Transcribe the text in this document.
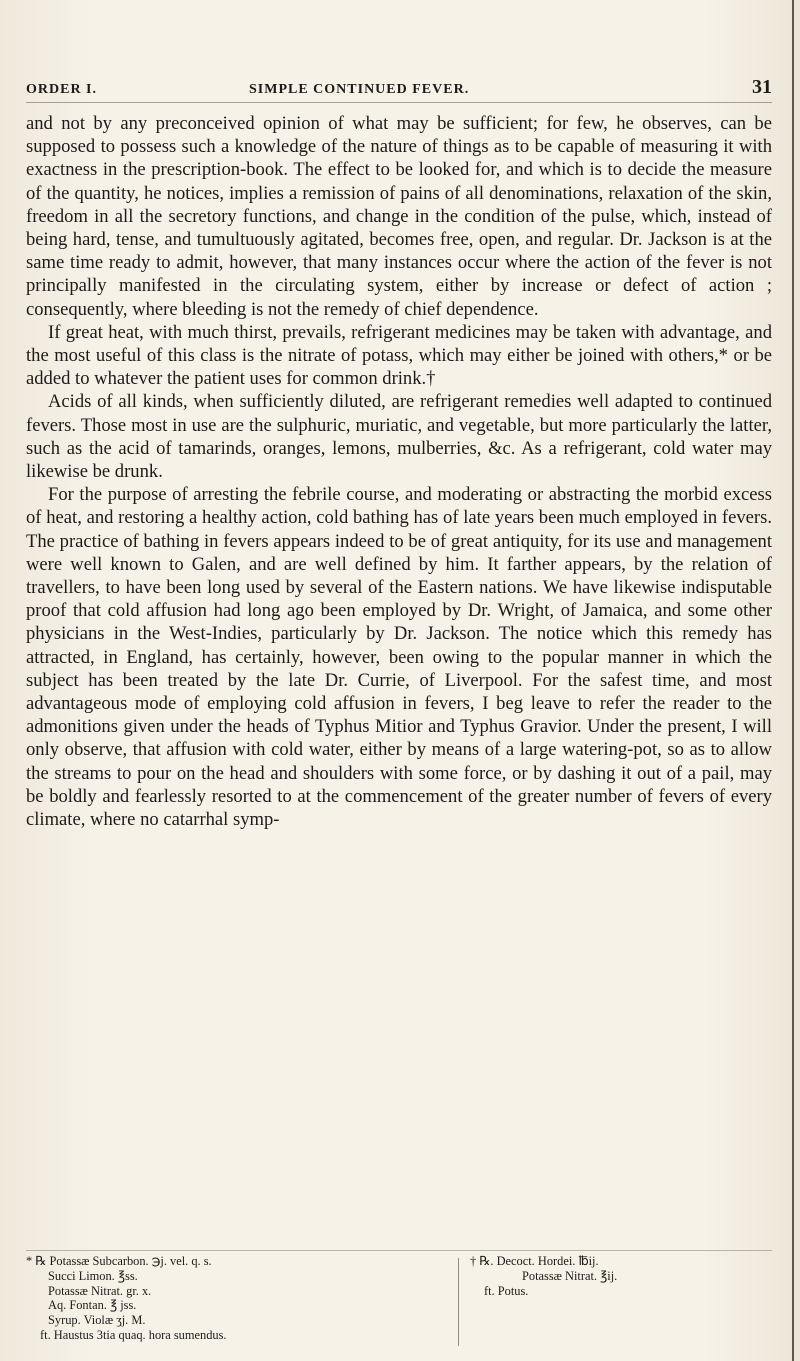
ORDER I.	SIMPLE CONTINUED FEVER.	31

and not by any preconceived opinion of what may be sufficient; for few, he observes, can be supposed to possess such a knowledge of the nature of things as to be capable of measuring it with exactness in the prescription-book. The effect to be looked for, and which is to decide the measure of the quantity, he notices, implies a remission of pains of all denominations, relaxation of the skin, freedom in all the secretory functions, and change in the condition of the pulse, which, instead of being hard, tense, and tumultuously agitated, becomes free, open, and regular. Dr. Jackson is at the same time ready to admit, however, that many instances occur where the action of the fever is not principally manifested in the circulating system, either by increase or defect of action ; consequently, where bleeding is not the remedy of chief dependence.

If great heat, with much thirst, prevails, refrigerant medicines may be taken with advantage, and the most useful of this class is the nitrate of potass, which may either be joined with others,* or be added to whatever the patient uses for common drink.†

Acids of all kinds, when sufficiently diluted, are refrigerant remedies well adapted to continued fevers. Those most in use are the sulphuric, muriatic, and vegetable, but more particularly the latter, such as the acid of tamarinds, oranges, lemons, mulberries, &c. As a refrigerant, cold water may likewise be drunk.

For the purpose of arresting the febrile course, and moderating or abstracting the morbid excess of heat, and restoring a healthy action, cold bathing has of late years been much employed in fevers. The practice of bathing in fevers appears indeed to be of great antiquity, for its use and management were well known to Galen, and are well defined by him. It farther appears, by the relation of travellers, to have been long used by several of the Eastern nations. We have likewise indisputable proof that cold affusion had long ago been employed by Dr. Wright, of Jamaica, and some other physicians in the West-Indies, particularly by Dr. Jackson. The notice which this remedy has attracted, in England, has certainly, however, been owing to the popular manner in which the subject has been treated by the late Dr. Currie, of Liverpool. For the safest time, and most advantageous mode of employing cold affusion in fevers, I beg leave to refer the reader to the admonitions given under the heads of Typhus Mitior and Typhus Gravior. Under the present, I will only observe, that affusion with cold water, either by means of a large watering-pot, so as to allow the streams to pour on the head and shoulders with some force, or by dashing it out of a pail, may be boldly and fearlessly resorted to at the commencement of the greater number of fevers of every climate, where no catarrhal symp-

* ℞ Potassæ Subcarbon. ℈j. vel. q. s.
Succi Limon. ℥ss.
Potassæ Nitrat. gr. x.
Aq. Fontan. ℥ jss.
Syrup. Violæ ʒj. M.
ft. Haustus 3tia quaq. hora sumendus.
† ℞. Decoct. Hordei. ℔ij.
Potassæ Nitrat. ℥ij.
ft. Potus.
